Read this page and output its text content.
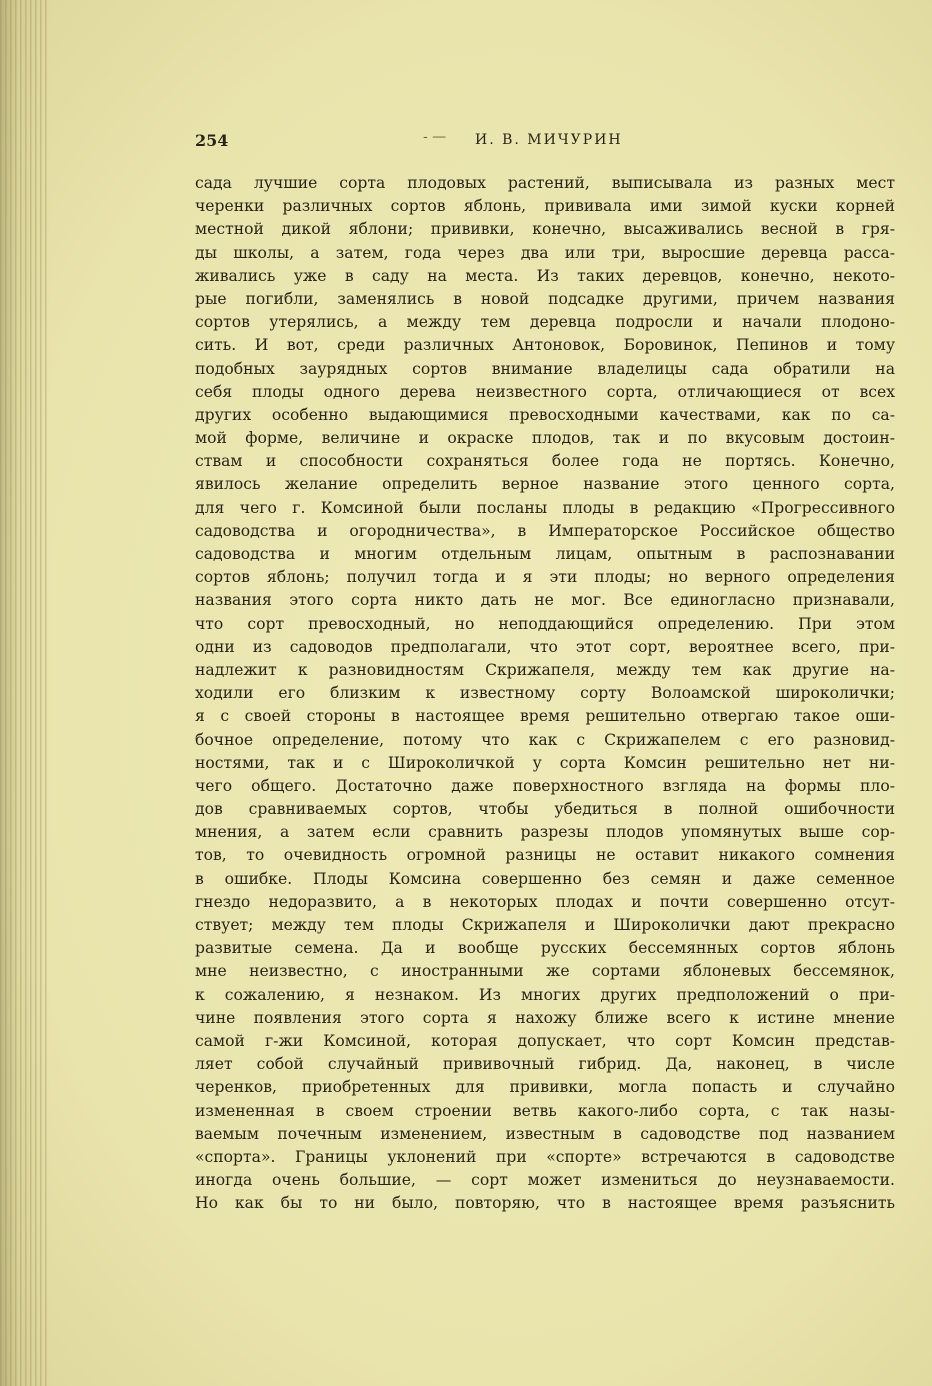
254	- — И. В. МИЧУРИН
сада лучшие сорта плодовых растений, выписывала из разных мест
черенки различных сортов яблонь, прививала ими зимой куски корней
местной дикой яблони; прививки, конечно, высаживались весной в гря-
ды школы, а затем, года через два или три, выросшие деревца расса-
живались уже в саду на места. Из таких деревцов, конечно, некото-
рые погибли, заменялись в новой подсадке другими, причем названия
сортов утерялись, а между тем деревца подросли и начали плодоно-
сить. И вот, среди различных Антоновок, Боровинок, Пепинов и тому
подобных заурядных сортов внимание владелицы сада обратили на
себя плоды одного дерева неизвестного сорта, отличающиеся от всех
других особенно выдающимися превосходными качествами, как по са-
мой форме, величине и окраске плодов, так и по вкусовым достоин-
ствам и способности сохраняться более года не портясь. Конечно,
явилось желание определить верное название этого ценного сорта,
для чего г. Комсиной были посланы плоды в редакцию «Прогрессивного
садоводства и огородничества», в Императорское Российское общество
садоводства и многим отдельным лицам, опытным в распознавании
сортов яблонь; получил тогда и я эти плоды; но верного определения
названия этого сорта никто дать не мог. Все единогласно признавали,
что сорт превосходный, но неподдающийся определению. При этом
одни из садоводов предполагали, что этот сорт, вероятнее всего, при-
надлежит к разновидностям Скрижапеля, между тем как другие на-
ходили его близким к известному сорту Волоамской широколички;
я с своей стороны в настоящее время решительно отвергаю такое оши-
бочное определение, потому что как с Скрижапелем с его разновид-
ностями, так и с Широколичкой у сорта Комсин решительно нет ни-
чего общего. Достаточно даже поверхностного взгляда на формы пло-
дов сравниваемых сортов, чтобы убедиться в полной ошибочности
мнения, а затем если сравнить разрезы плодов упомянутых выше сор-
тов, то очевидность огромной разницы не оставит никакого сомнения
в ошибке. Плоды Комсина совершенно без семян и даже семенное
гнездо недоразвито, а в некоторых плодах и почти совершенно отсут-
ствует; между тем плоды Скрижапеля и Широколички дают прекрасно
развитые семена. Да и вообще русских бессемянных сортов яблонь
мне неизвестно, с иностранными же сортами яблоневых бессемянок,
к сожалению, я незнаком. Из многих других предположений о при-
чине появления этого сорта я нахожу ближе всего к истине мнение
самой г-жи Комсиной, которая допускает, что сорт Комсин представ-
ляет собой случайный прививочный гибрид. Да, наконец, в числе
черенков, приобретенных для прививки, могла попасть и случайно
измененная в своем строении ветвь какого-либо сорта, с так назы-
ваемым почечным изменением, известным в садоводстве под названием
«спорта». Границы уклонений при «спорте» встречаются в садоводстве
иногда очень большие, — сорт может измениться до неузнаваемости.
Но как бы то ни было, повторяю, что в настоящее время разъяснить
